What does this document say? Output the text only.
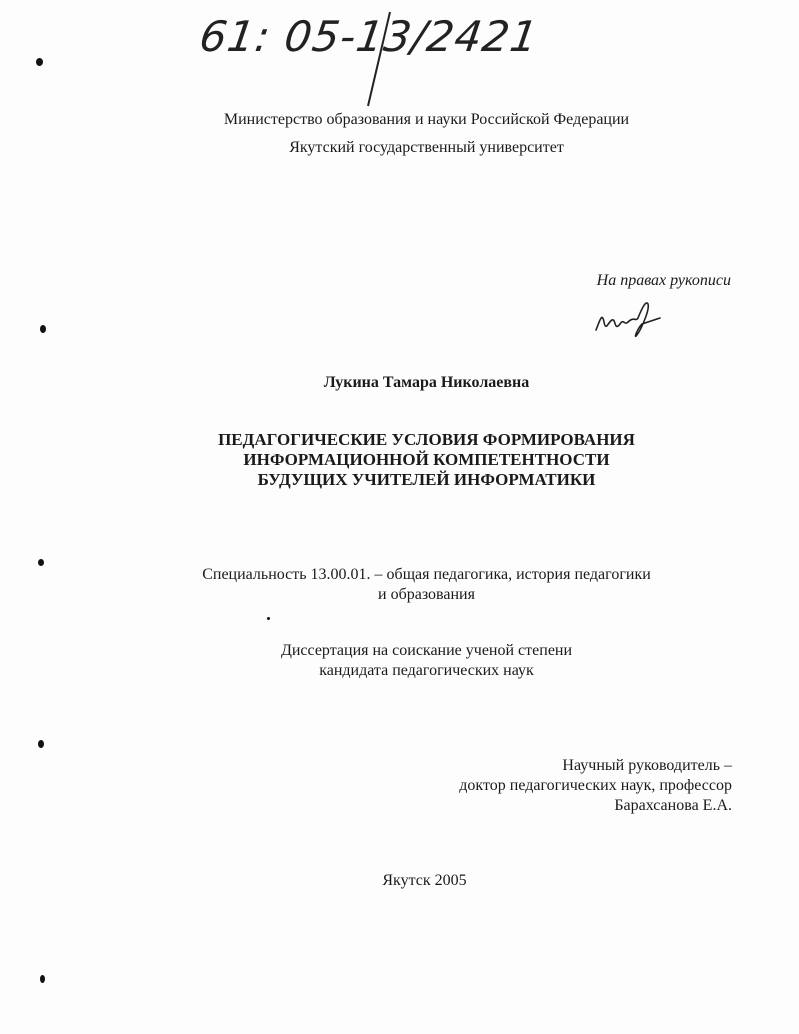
61: 05-13/2421
Министерство образования и науки Российской Федерации
Якутский государственный университет
На правах рукописи
Лукина Тамара Николаевна
ПЕДАГОГИЧЕСКИЕ УСЛОВИЯ ФОРМИРОВАНИЯ
ИНФОРМАЦИОННОЙ КОМПЕТЕНТНОСТИ
БУДУЩИХ УЧИТЕЛЕЙ ИНФОРМАТИКИ
Специальность 13.00.01. – общая педагогика, история педагогики
и образования
Диссертация на соискание ученой степени
кандидата педагогических наук
Научный руководитель –
доктор педагогических наук, профессор
Барахсанова Е.А.
Якутск 2005
